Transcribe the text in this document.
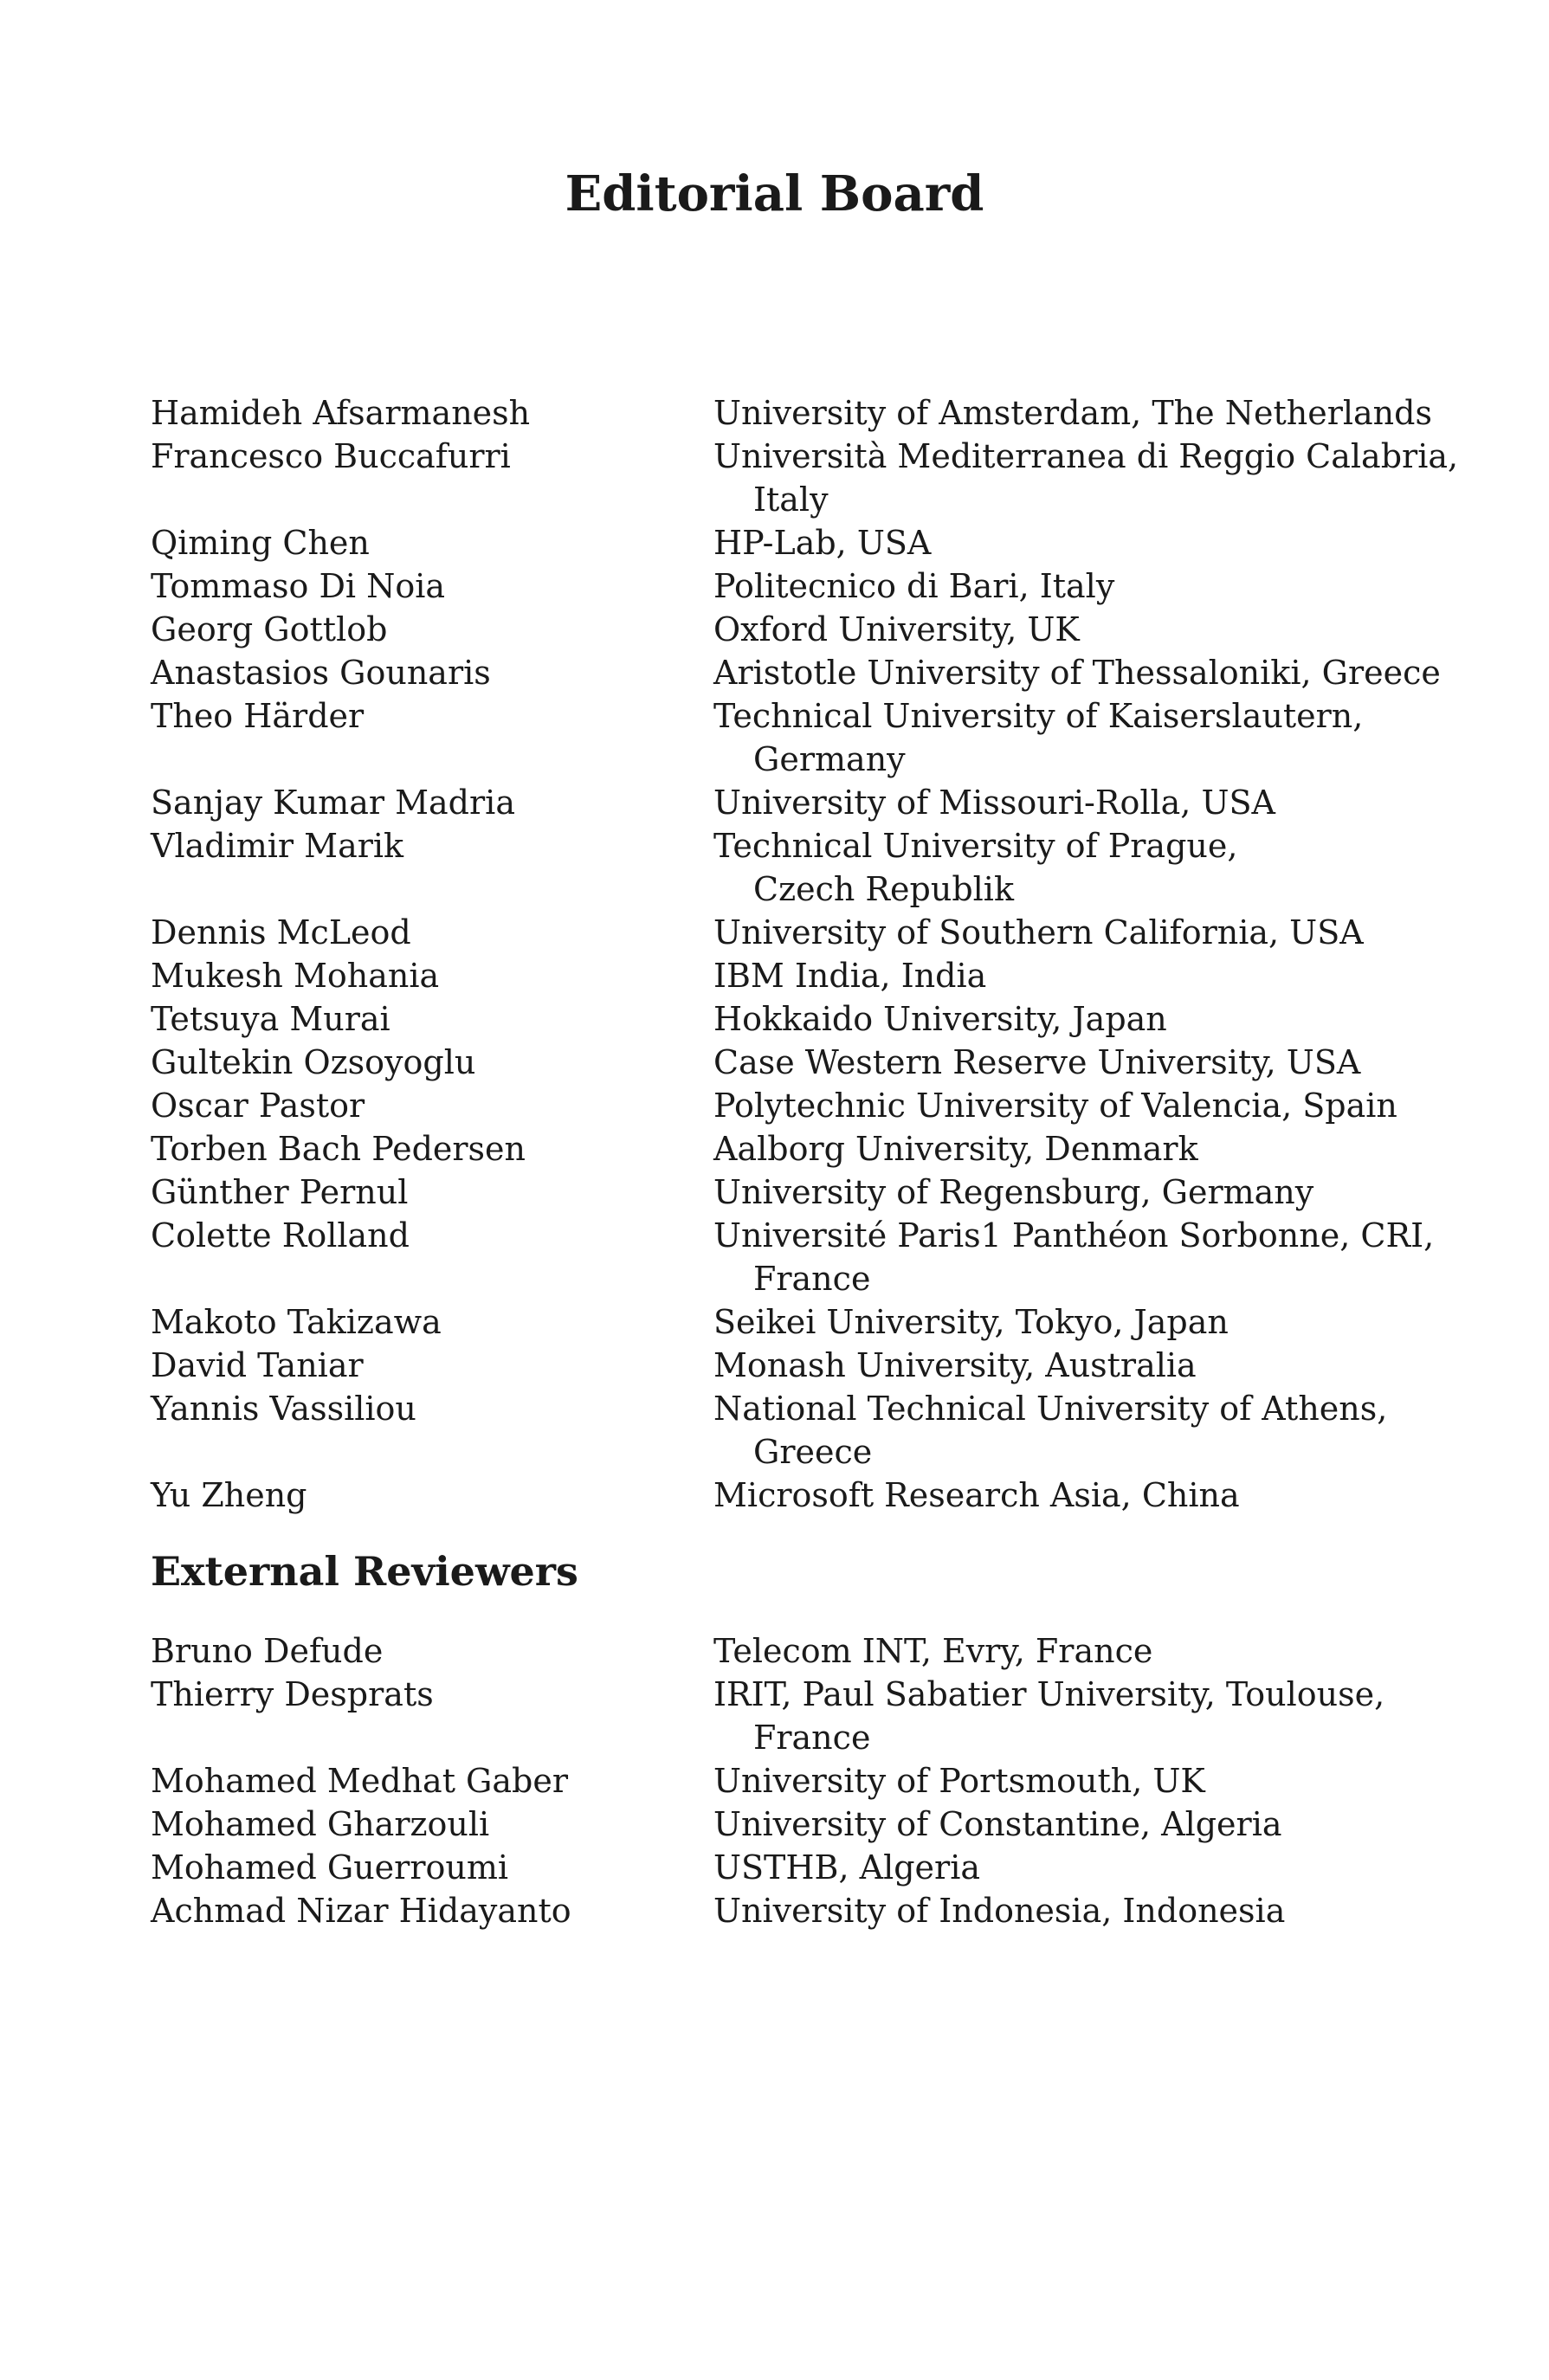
Editorial Board
Hamideh Afsarmanesh	University of Amsterdam, The Netherlands
Francesco Buccafurri	Università Mediterranea di Reggio Calabria,
Italy
Qiming Chen	HP-Lab, USA
Tommaso Di Noia	Politecnico di Bari, Italy
Georg Gottlob	Oxford University, UK
Anastasios Gounaris	Aristotle University of Thessaloniki, Greece
Theo Härder	Technical University of Kaiserslautern,
Germany
Sanjay Kumar Madria	University of Missouri-Rolla, USA
Vladimir Marik	Technical University of Prague,
Czech Republik
Dennis McLeod	University of Southern California, USA
Mukesh Mohania	IBM India, India
Tetsuya Murai	Hokkaido University, Japan
Gultekin Ozsoyoglu	Case Western Reserve University, USA
Oscar Pastor	Polytechnic University of Valencia, Spain
Torben Bach Pedersen	Aalborg University, Denmark
Günther Pernul	University of Regensburg, Germany
Colette Rolland	Université Paris1 Panthéon Sorbonne, CRI,
France
Makoto Takizawa	Seikei University, Tokyo, Japan
David Taniar	Monash University, Australia
Yannis Vassiliou	National Technical University of Athens,
Greece
Yu Zheng	Microsoft Research Asia, China
External Reviewers
Bruno Defude	Telecom INT, Evry, France
Thierry Desprats	IRIT, Paul Sabatier University, Toulouse,
France
Mohamed Medhat Gaber	University of Portsmouth, UK
Mohamed Gharzouli	University of Constantine, Algeria
Mohamed Guerroumi	USTHB, Algeria
Achmad Nizar Hidayanto	University of Indonesia, Indonesia
